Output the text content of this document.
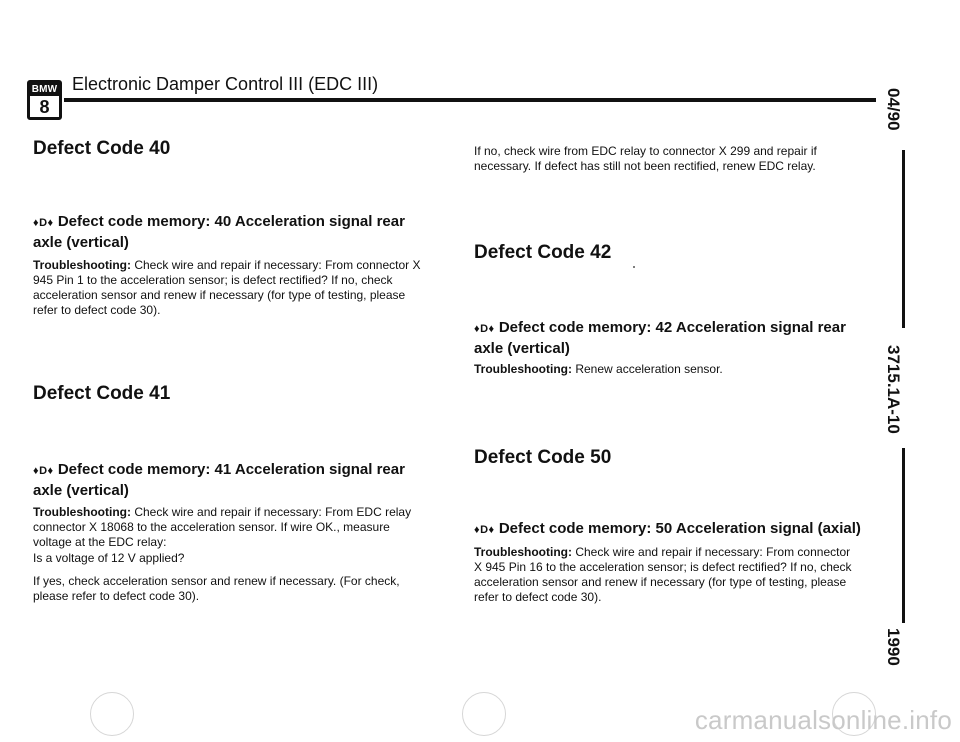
BMW
8
Electronic Damper Control III (EDC III)
04/90
3715.1A-10
1990
Defect Code 40
♦D♦ Defect code memory: 40 Acceleration signal rear axle (vertical)

Troubleshooting: Check wire and repair if necessary: From connector X 945 Pin 1 to the acceleration sensor; is defect rectified? If no, check acceleration sensor and renew if necessary (for type of testing, please refer to defect code 30).

Defect Code 41
♦D♦ Defect code memory: 41 Acceleration signal rear axle (vertical)

Troubleshooting: Check wire and repair if necessary: From EDC relay connector X 18068 to the acceleration sensor. If wire OK., measure voltage at the EDC relay:

Is a voltage of 12 V applied?

If yes, check acceleration sensor and renew if necessary. (For check, please refer to defect code 30).

If no, check wire from EDC relay to connector X 299 and repair if necessary. If defect has still not been rectified, renew EDC relay.

Defect Code 42
♦D♦ Defect code memory: 42 Acceleration signal rear axle (vertical)

Troubleshooting: Renew acceleration sensor.

Defect Code 50
♦D♦ Defect code memory: 50 Acceleration signal (axial)

Troubleshooting: Check wire and repair if necessary: From connector X 945 Pin 16 to the acceleration sensor; is defect rectified? If no, check acceleration sensor and renew if necessary (for type of testing, please refer to defect code 30).

carmanualsonline.info
